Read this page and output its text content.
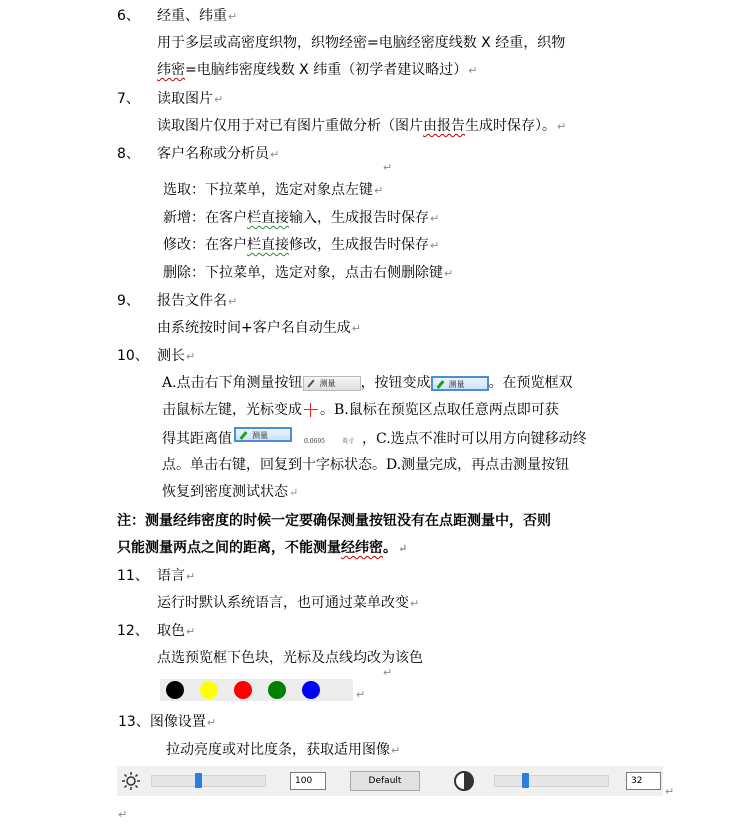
6、 经重、纬重↵
用于多层或高密度织物，织物经密=电脑经密度线数 X 经重，织物
纬密=电脑纬密度线数 X 纬重（初学者建议略过）↵
7、 读取图片↵
读取图片仅用于对已有图片重做分析（图片由报告生成时保存）。↵
8、 客户名称或分析员↵
↵
选取：下拉菜单，选定对象点左键↵
新增：在客户栏直接输入，生成报告时保存↵
修改：在客户栏直接修改，生成报告时保存↵
删除：下拉菜单，选定对象，点击右侧删除键↵
9、 报告文件名↵
由系统按时间+客户名自动生成↵
10、 测长↵
A.点击右下角测量按钮 测量 ，按钮变成 测量 。在预览框双
击鼠标左键，光标变成 。B.鼠标在预览区点取任意两点即可获
得其距离值	测量
0.0695	英寸 ，C.选点不准时可以用方向键移动终
点。单击右键，回复到十字标状态。D.测量完成，再点击测量按钮
恢复到密度测试状态↵
注：测量经纬密度的时候一定要确保测量按钮没有在点距测量中，否则
只能测量两点之间的距离，不能测量经纬密。↵
11、 语言↵
运行时默认系统语言，也可通过菜单改变↵
12、 取色↵
点选预览框下色块，光标及点线均改为该色
↵
↵
13、图像设置↵
拉动亮度或对比度条，获取适用图像↵
100	Default	32
↵
↵
